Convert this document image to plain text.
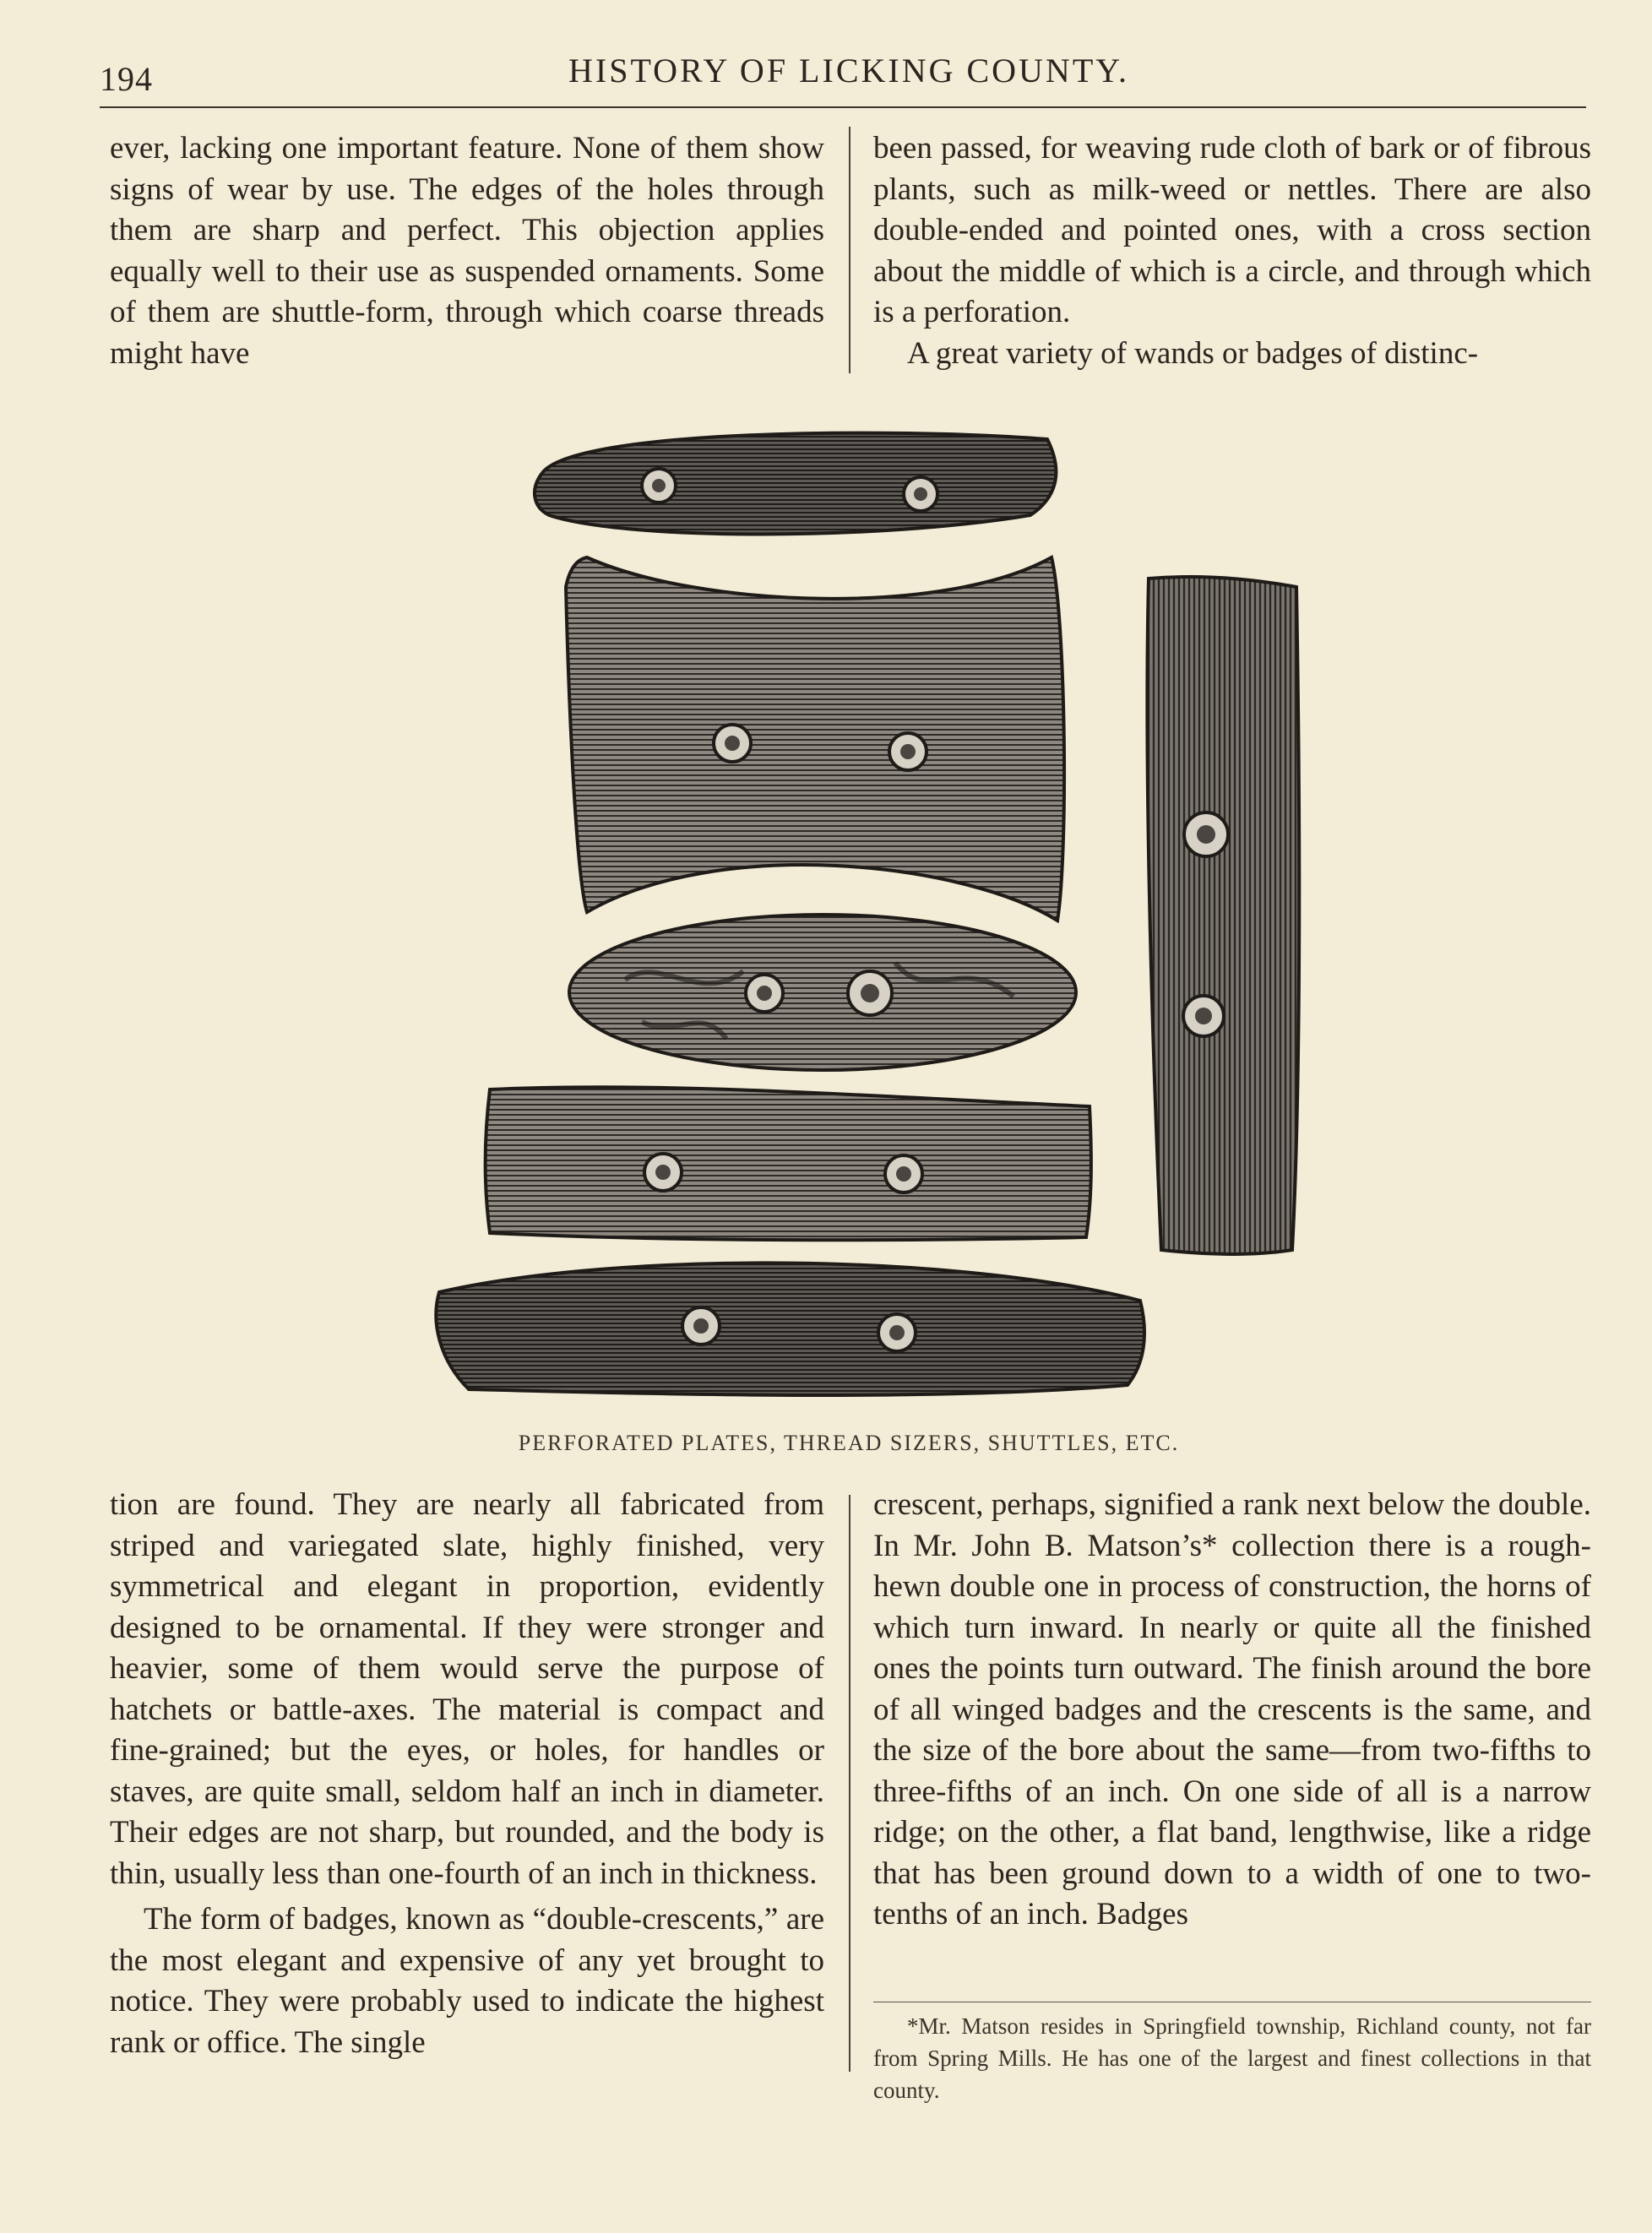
194	HISTORY OF LICKING COUNTY.

ever, lacking one important feature. None of them show signs of wear by use. The edges of the holes through them are sharp and perfect. This objection applies equally well to their use as suspended ornaments. Some of them are shuttle-form, through which coarse threads might have

been passed, for weaving rude cloth of bark or of fibrous plants, such as milk-weed or nettles. There are also double-ended and pointed ones, with a cross section about the middle of which is a circle, and through which is a perforation.

A great variety of wands or badges of distinc-

PERFORATED PLATES, THREAD SIZERS, SHUTTLES, ETC.

tion are found. They are nearly all fabricated from striped and variegated slate, highly finished, very symmetrical and elegant in proportion, evidently designed to be ornamental. If they were stronger and heavier, some of them would serve the purpose of hatchets or battle-axes. The material is compact and fine-grained; but the eyes, or holes, for handles or staves, are quite small, seldom half an inch in diameter. Their edges are not sharp, but rounded, and the body is thin, usually less than one-fourth of an inch in thickness.

The form of badges, known as “double-crescents,” are the most elegant and expensive of any yet brought to notice. They were probably used to indicate the highest rank or office. The single

crescent, perhaps, signified a rank next below the double. In Mr. John B. Matson’s* collection there is a rough-hewn double one in process of construction, the horns of which turn inward. In nearly or quite all the finished ones the points turn outward. The finish around the bore of all winged badges and the crescents is the same, and the size of the bore about the same—from two-fifths to three-fifths of an inch. On one side of all is a narrow ridge; on the other, a flat band, lengthwise, like a ridge that has been ground down to a width of one to two-tenths of an inch. Badges

*Mr. Matson resides in Springfield township, Richland county, not far from Spring Mills. He has one of the largest and finest collections in that county.
